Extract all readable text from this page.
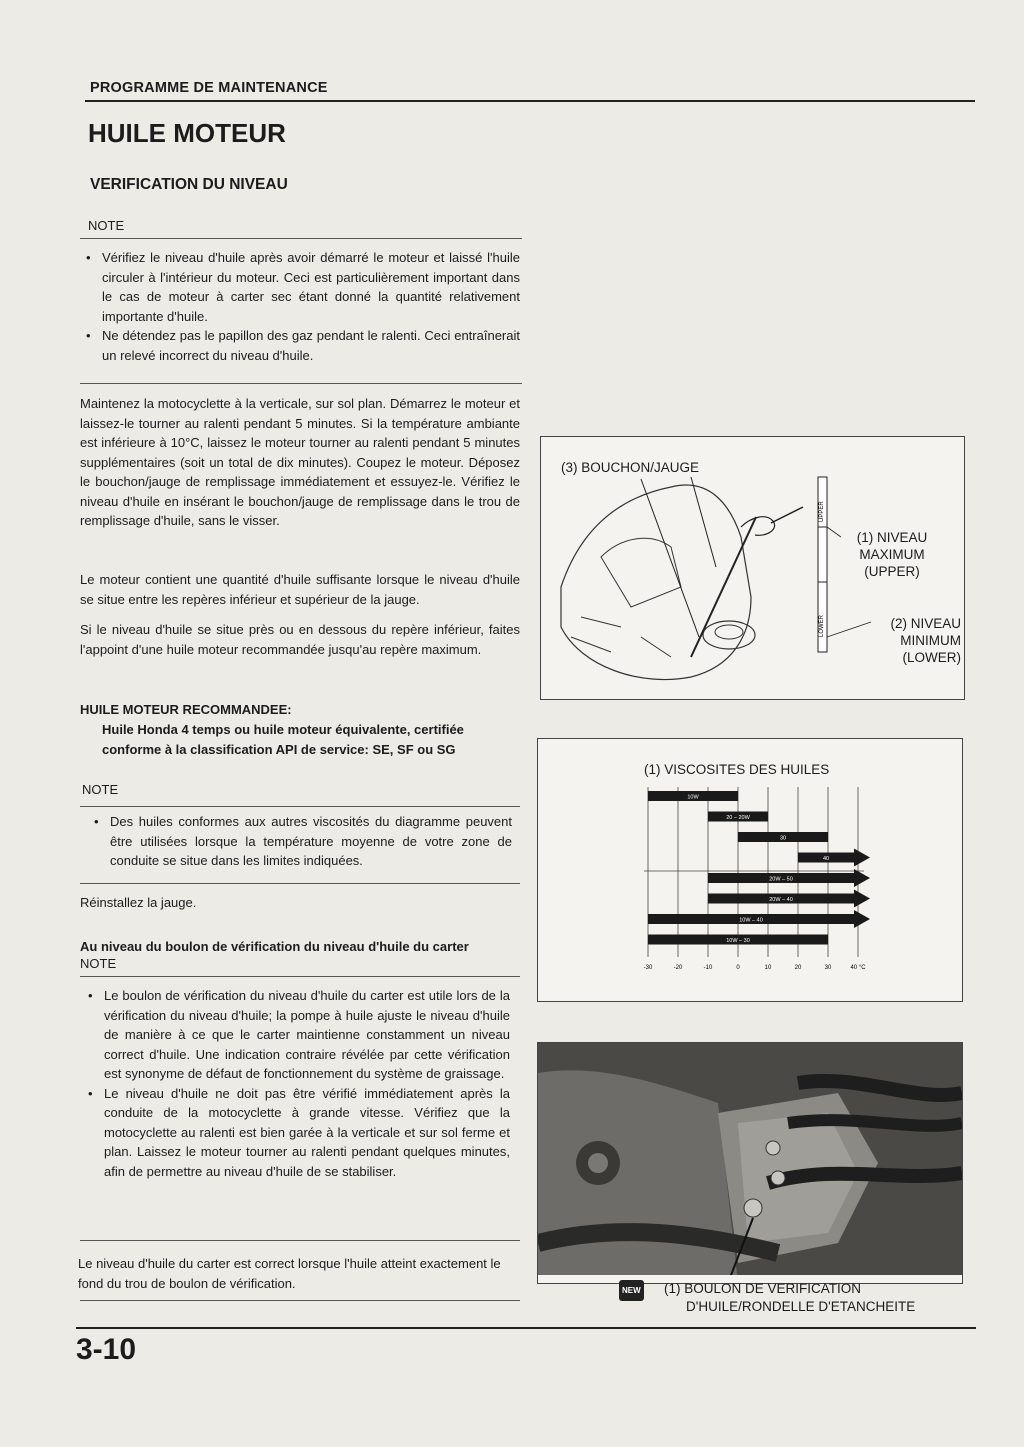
PROGRAMME DE MAINTENANCE
HUILE MOTEUR
VERIFICATION DU NIVEAU
NOTE
• Vérifiez le niveau d'huile après avoir démarré le moteur et laissé l'huile circuler à l'intérieur du moteur. Ceci est particulièrement important dans le cas de moteur à carter sec étant donné la quantité relativement importante d'huile.
• Ne détendez pas le papillon des gaz pendant le ralenti. Ceci entraînerait un relevé incorrect du niveau d'huile.

Maintenez la motocyclette à la verticale, sur sol plan. Démarrez le moteur et laissez-le tourner au ralenti pendant 5 minutes. Si la température ambiante est inférieure à 10°C, laissez le moteur tourner au ralenti pendant 5 minutes supplémentaires (soit un total de dix minutes). Coupez le moteur. Déposez le bouchon/jauge de remplissage immédiatement et essuyez-le. Vérifiez le niveau d'huile en insérant le bouchon/jauge de remplissage dans le trou de remplissage d'huile, sans le visser.

Le moteur contient une quantité d'huile suffisante lorsque le niveau d'huile se situe entre les repères inférieur et supérieur de la jauge.

Si le niveau d'huile se situe près ou en dessous du repère inférieur, faites l'appoint d'une huile moteur recommandée jusqu'au repère maximum.

HUILE MOTEUR RECOMMANDEE:
Huile Honda 4 temps ou huile moteur équivalente, certifiée conforme à la classification API de service: SE, SF ou SG
NOTE
• Des huiles conformes aux autres viscosités du diagramme peuvent être utilisées lorsque la température moyenne de votre zone de conduite se situe dans les limites indiquées.
Réinstallez la jauge.
Au niveau du boulon de vérification du niveau d'huile du carter
NOTE
• Le boulon de vérification du niveau d'huile du carter est utile lors de la vérification du niveau d'huile; la pompe à huile ajuste le niveau d'huile de manière à ce que le carter maintienne constamment un niveau correct d'huile. Une indication contraire révélée par cette vérification est synonyme de défaut de fonctionnement du système de graissage.
• Le niveau d'huile ne doit pas être vérifié immédiatement après la conduite de la motocyclette à grande vitesse. Vérifiez que la motocyclette au ralenti est bien garée à la verticale et sur sol ferme et plan. Laissez le moteur tourner au ralenti pendant quelques minutes, afin de permettre au niveau d'huile de se stabiliser.
Le niveau d'huile du carter est correct lorsque l'huile atteint exactement le fond du trou de boulon de vérification.
UPPER
LOWER
(3) BOUCHON/JAUGE
(1) NIVEAU
MAXIMUM
(UPPER)
(2) NIVEAU
MINIMUM
(LOWER)
(1) VISCOSITES DES HUILES
-30	-20	-10	0	10	20	30	40 °C
10W
20 – 20W
30
40
20W – 50
20W – 40
10W – 40
10W – 30
NEW (1) BOULON DE VERIFICATION
D'HUILE/RONDELLE D'ETANCHEITE
3-10
